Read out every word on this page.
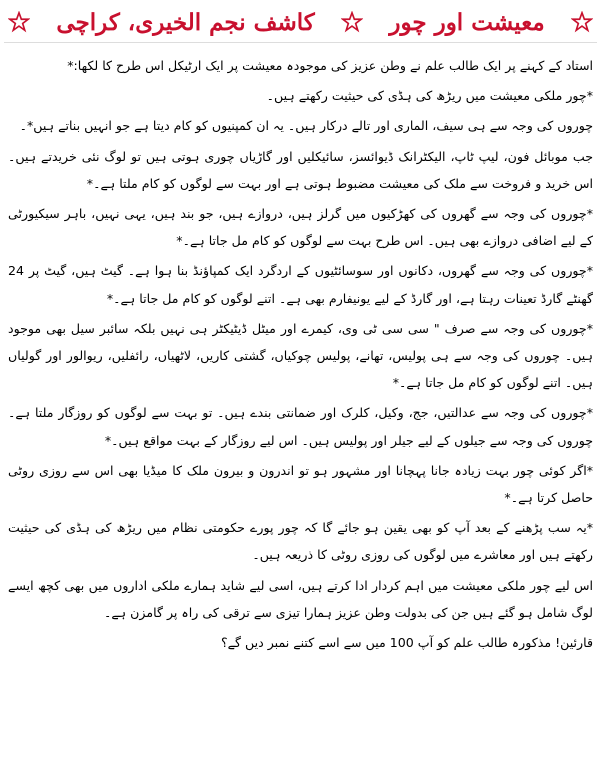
معیشت اور چور
کاشف نجم الخیری، کراچی

استاد کے کہنے پر ایک طالب علم نے وطن عزیز کی موجودہ معیشت پر ایک ارٹیکل اس طرح کا لکھا:*

*چور ملکی معیشت میں ریڑھ کی ہڈی کی حیثیت رکھتے ہیں۔

چوروں کی وجہ سے ہی سیف، الماری اور تالے درکار ہیں۔ یہ ان کمپنیوں کو کام دیتا ہے جو انہیں بناتے ہیں*۔

جب موبائل فون، لیپ ٹاپ، الیکٹرانک ڈیوائسز، سائیکلیں اور گاڑیاں چوری ہوتی ہیں تو لوگ نئی خریدتے ہیں۔ اس خرید و فروخت سے ملک کی معیشت مضبوط ہوتی ہے اور بہت سے لوگوں کو کام ملتا ہے۔*

*چوروں کی وجہ سے گھروں کی کھڑکیوں میں گرلز ہیں، دروازے ہیں، جو بند ہیں، یہی نہیں، باہر سیکیورٹی کے لیے اضافی دروازے بھی ہیں۔ اس طرح بہت سے لوگوں کو کام مل جاتا ہے۔*

*چوروں کی وجہ سے گھروں، دکانوں اور سوسائٹیوں کے اردگرد ایک کمپاؤنڈ بنا ہوا ہے۔ گیٹ ہیں، گیٹ پر 24 گھنٹے گارڈ تعینات رہتا ہے، اور گارڈ کے لیے یونیفارم بھی ہے۔ اتنے لوگوں کو کام مل جاتا ہے۔*

*چوروں کی وجہ سے صرف " سی سی ٹی وی، کیمرے اور میٹل ڈیٹیکٹر ہی نہیں بلکہ سائبر سیل بھی موجود ہیں۔ چوروں کی وجہ سے ہی پولیس، تھانے، پولیس چوکیاں، گشتی کاریں، لاٹھیاں، رائفلیں، ریوالور اور گولیاں ہیں۔ اتنے لوگوں کو کام مل جاتا ہے۔*

*چوروں کی وجہ سے عدالتیں، جج، وکیل، کلرک اور ضمانتی بندے ہیں۔ تو بہت سے لوگوں کو روزگار ملتا ہے۔ چوروں کی وجہ سے جیلوں کے لیے جیلر اور پولیس ہیں۔ اس لیے روزگار کے بہت مواقع ہیں۔*

*اگر کوئی چور بہت زیادہ جانا پہچانا اور مشہور ہو تو اندرون و بیرون ملک کا میڈیا بھی اس سے روزی روٹی حاصل کرتا ہے۔*

*یہ سب پڑھنے کے بعد آپ کو بھی یقین ہو جائے گا کہ چور پورے حکومتی نظام میں ریڑھ کی ہڈی کی حیثیت رکھتے ہیں اور معاشرے میں لوگوں کی روزی روٹی کا ذریعہ ہیں۔

اس لیے چور ملکی معیشت میں اہم کردار ادا کرتے ہیں، اسی لیے شاید ہمارے ملکی اداروں میں بھی کچھ ایسے لوگ شامل ہو گئے ہیں جن کی بدولت وطن عزیز ہمارا تیزی سے ترقی کی راہ پر گامزن ہے۔

قارئین! مذکورہ طالب علم کو آپ 100 میں سے اسے کتنے نمبر دیں گے؟
